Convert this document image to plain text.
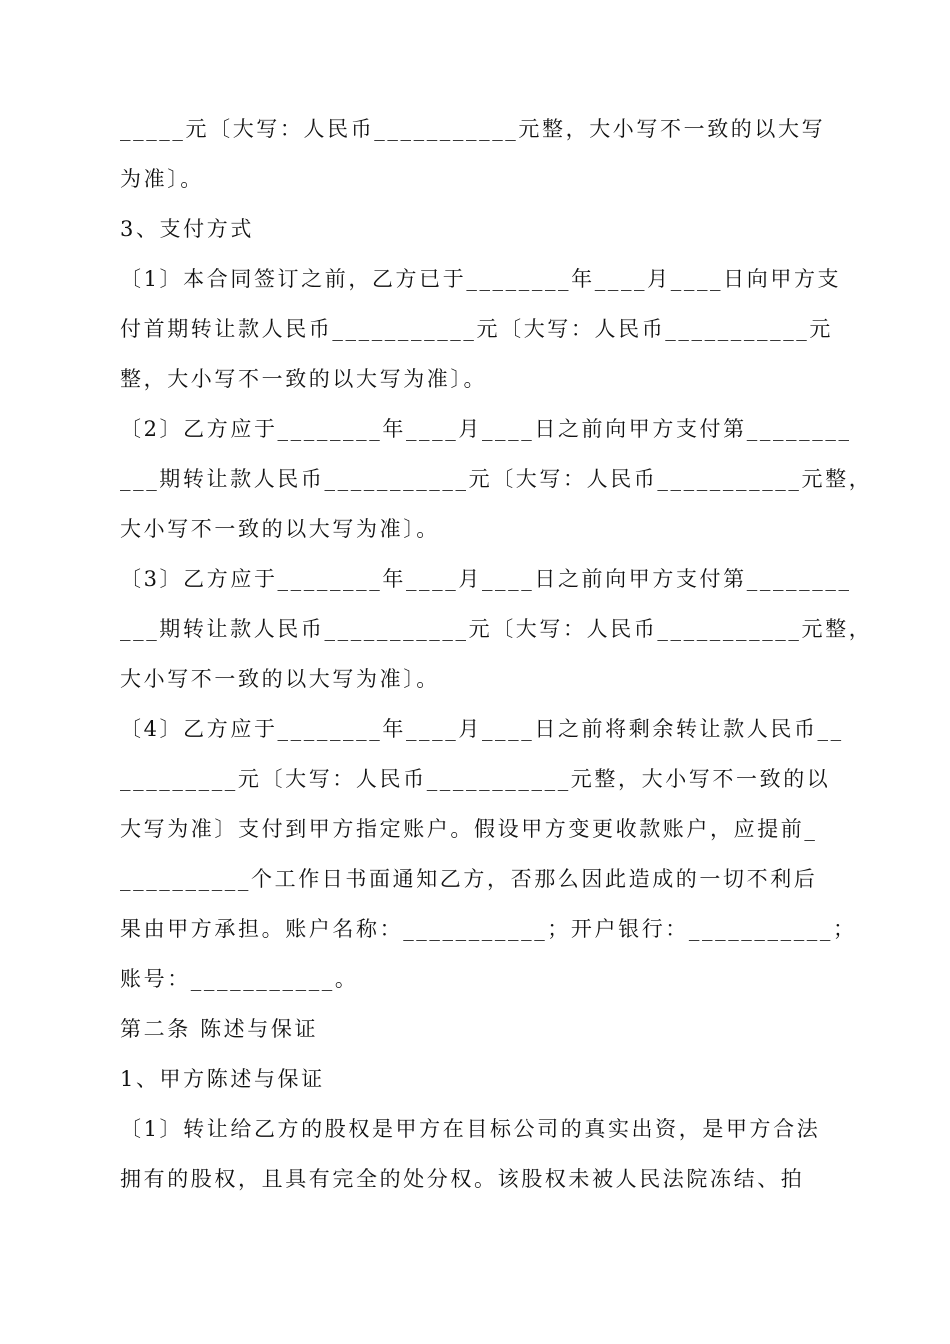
_____元〔大写：人民币___________元整，大小写不一致的以大写
为准〕。
3、支付方式
〔1〕本合同签订之前，乙方已于________年____月____日向甲方支
付首期转让款人民币___________元〔大写：人民币___________元
整，大小写不一致的以大写为准〕。
〔2〕乙方应于________年____月____日之前向甲方支付第________
___期转让款人民币___________元〔大写：人民币___________元整，
大小写不一致的以大写为准〕。
〔3〕乙方应于________年____月____日之前向甲方支付第________
___期转让款人民币___________元〔大写：人民币___________元整，
大小写不一致的以大写为准〕。
〔4〕乙方应于________年____月____日之前将剩余转让款人民币__
_________元〔大写：人民币___________元整，大小写不一致的以
大写为准〕支付到甲方指定账户。假设甲方变更收款账户，应提前_
__________个工作日书面通知乙方，否那么因此造成的一切不利后
果由甲方承担。账户名称：___________；开户银行：___________；
账号：___________。
第二条 陈述与保证
1、甲方陈述与保证
〔1〕转让给乙方的股权是甲方在目标公司的真实出资，是甲方合法
拥有的股权，且具有完全的处分权。该股权未被人民法院冻结、拍
